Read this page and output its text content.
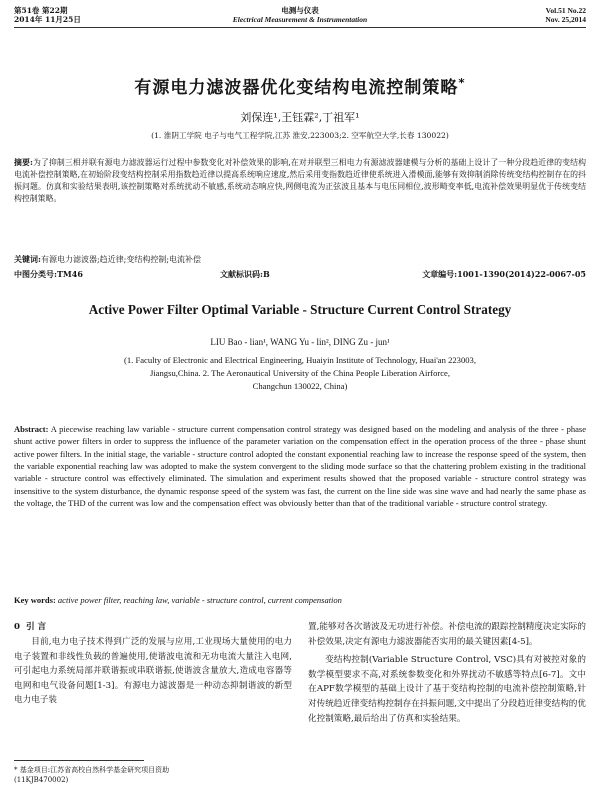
第51卷 第22期
2014年 11月25日
电测与仪表
Electrical Measurement & Instrumentation
Vol.51 No.22
Nov. 25,2014
有源电力滤波器优化变结构电流控制策略*
刘保连¹,王钰霖²,丁祖军¹
(1. 淮阴工学院 电子与电气工程学院,江苏 淮安,223003;2. 空军航空大学,长春 130022)
摘要:为了抑制三相并联有源电力滤波器运行过程中参数变化对补偿效果的影响,在对并联型三相电力有源滤波器建模与分析的基础上设计了一种分段趋近律的变结构电流补偿控制策略,在初始阶段变结构控制采用指数趋近律以提高系统响应速度,然后采用变指数趋近律使系统进入滑模面,能够有效抑制消除传统变结构控制存在的抖振问题。仿真和实验结果表明,该控制策略对系统扰动不敏感,系统动态响应快,网侧电流为正弦波且基本与电压同相位,波形畸变率低,电流补偿效果明显优于传统变结构控制策略。
关键词:有源电力滤波器;趋近律;变结构控制;电流补偿
中图分类号:TM46	文献标识码:B	文章编号:1001-1390(2014)22-0067-05
Active Power Filter Optimal Variable - Structure Current Control Strategy
LIU Bao - lian¹, WANG Yu - lin², DING Zu - jun¹
(1. Faculty of Electronic and Electrical Engineering, Huaiyin Institute of Technology, Huai'an 223003,
Jiangsu,China. 2. The Aeronautical University of the China People Liberation Airforce,
Changchun 130022, China)
Abstract: A piecewise reaching law variable - structure current compensation control strategy was designed based on the modeling and analysis of the three - phase shunt active power filters in order to suppress the influence of the parameter variation on the compensation effect in the operation process of the three - phase shunt active power filters. In the initial stage, the variable - structure control adopted the constant exponential reaching law to increase the response speed of the system, then the variable exponential reaching law was adopted to make the system convergent to the sliding mode surface so that the chattering problem existing in the traditional variable - structure control was effectively eliminated. The simulation and experiment results showed that the proposed variable - structure control strategy was insensitive to the system disturbance, the dynamic response speed of the system was fast, the current on the line side was sine wave and had nearly the same phase as the voltage, the THD of the current was low and the compensation effect was obviously better than that of the traditional variable - structure control strategy.
Key words: active power filter, reaching law, variable - structure control, current compensation
0 引 言
目前,电力电子技术得到广泛的发展与应用,工业现场大量使用的电力电子装置和非线性负载的普遍使用,使谐波电流和无功电流大量注入电网,可引起电力系统局部并联谐振或串联谐振,使谐波含量放大,造成电容器等电网和电气设备问题[1-3]。有源电力滤波器是一种动态抑制谐波的新型电力电子装
置,能够对各次谐波及无功进行补偿。补偿电流的跟踪控制精度决定实际的补偿效果,决定有源电力滤波器能否实用的最关键因素[4-5]。
变结构控制(Variable Structure Control, VSC)具有对被控对象的数学模型要求不高,对系统参数变化和外界扰动不敏感等特点[6-7]。文中在APF数学模型的基础上设计了基于变结构控制的电流补偿控制策略,针对传统趋近律变结构控制存在抖振问题,文中提出了分段趋近律变结构的优化控制策略,最后给出了仿真和实验结果。
* 基金项目:江苏省高校自然科学基金研究项目资助
(11KJB470002)
